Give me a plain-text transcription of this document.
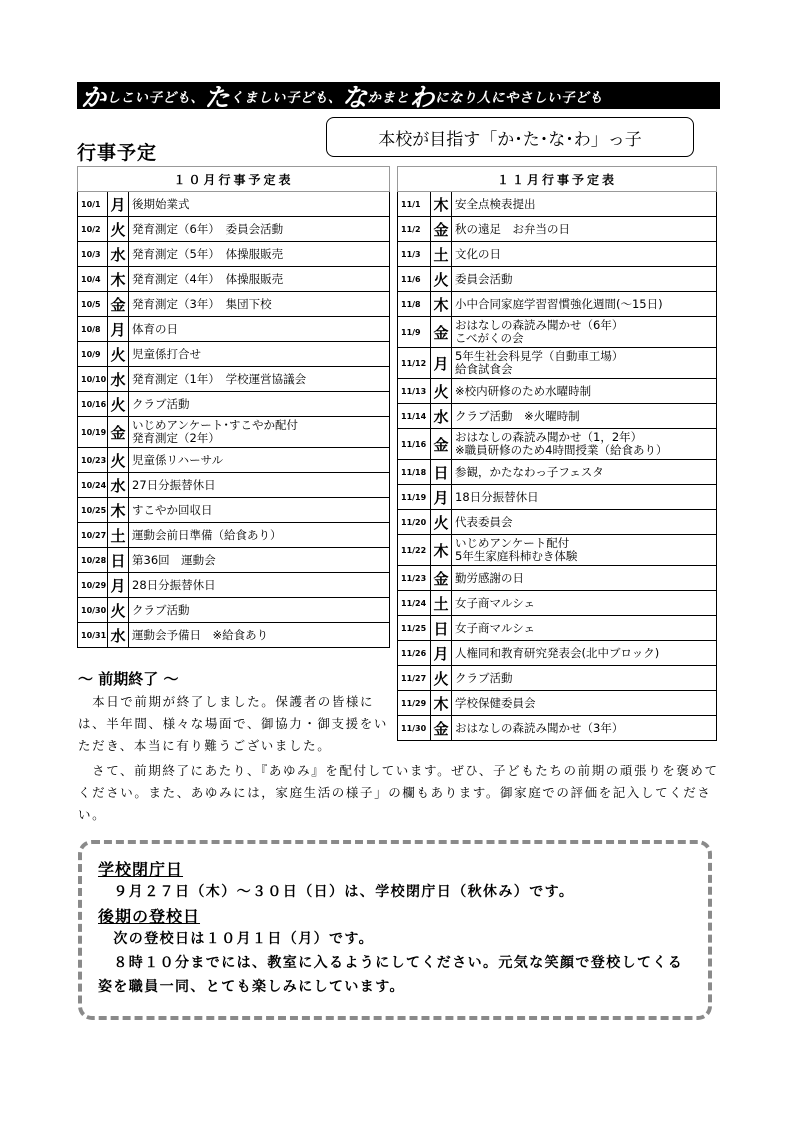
か しこい子ども、 た くましい子ども、 な かまと わ になり人にやさしい子ども
本校が目指す「か･た･な･わ」っ子
行事予定
１０月行事予定表		
10/1	月	後期始業式

10/2	火	発育測定（6年）　委員会活動

10/3	水	発育測定（5年）　体操服販売

10/4	木	発育測定（4年）　体操服販売

10/5	金	発育測定（3年）　集団下校

10/8	月	体育の日

10/9	火	児童係打合せ

10/10	水	発育測定（1年）　学校運営協議会

10/16	火	クラブ活動

10/19	金	いじめアンケート･すこやか配付
発育測定（2年）

10/23	火	児童係リハーサル

10/24	水	27日分振替休日

10/25	木	すこやか回収日

10/27	土	運動会前日準備（給食あり）

10/28	日	第36回　運動会

10/29	月	28日分振替休日

10/30	火	クラブ活動

10/31	水	運動会予備日　※給食あり
１１月行事予定表		
11/1	木	安全点検表提出

11/2	金	秋の遠足　お弁当の日

11/3	土	文化の日

11/6	火	委員会活動

11/8	木	小中合同家庭学習習慣強化週間(～15日)

11/9	金	おはなしの森読み聞かせ（6年）
こべがくの会

11/12	月	5年生社会科見学（自動車工場）
給食試食会

11/13	火	※校内研修のため水曜時制

11/14	水	クラブ活動　※火曜時制

11/16	金	おはなしの森読み聞かせ（1，2年）
※職員研修のため4時間授業（給食あり）

11/18	日	参観，かたなわっ子フェスタ

11/19	月	18日分振替休日

11/20	火	代表委員会

11/22	木	いじめアンケート配付
5年生家庭科柿むき体験

11/23	金	勤労感謝の日

11/24	土	女子商マルシェ

11/25	日	女子商マルシェ

11/26	月	人権同和教育研究発表会(北中ブロック)

11/27	火	クラブ活動

11/29	木	学校保健委員会

11/30	金	おはなしの森読み聞かせ（3年）
～ 前期終了 ～
　本日で前期が終了しました。保護者の皆様には、半年間、様々な場面で、御協力・御支援をいただき、本当に有り難うございました。
　さて、前期終了にあたり、『あゆみ』を配付しています。ぜひ、子どもたちの前期の頑張りを褒めてください。また、あゆみには，家庭生活の様子」の欄もあります。御家庭での評価を記入してください。
学校閉庁日
　９月２７日（木）～３０日（日）は、学校閉庁日（秋休み）です。
後期の登校日
　次の登校日は１０月１日（月）です。
　８時１０分までには、教室に入るようにしてください。元気な笑顔で登校してくる姿を職員一同、とても楽しみにしています。
